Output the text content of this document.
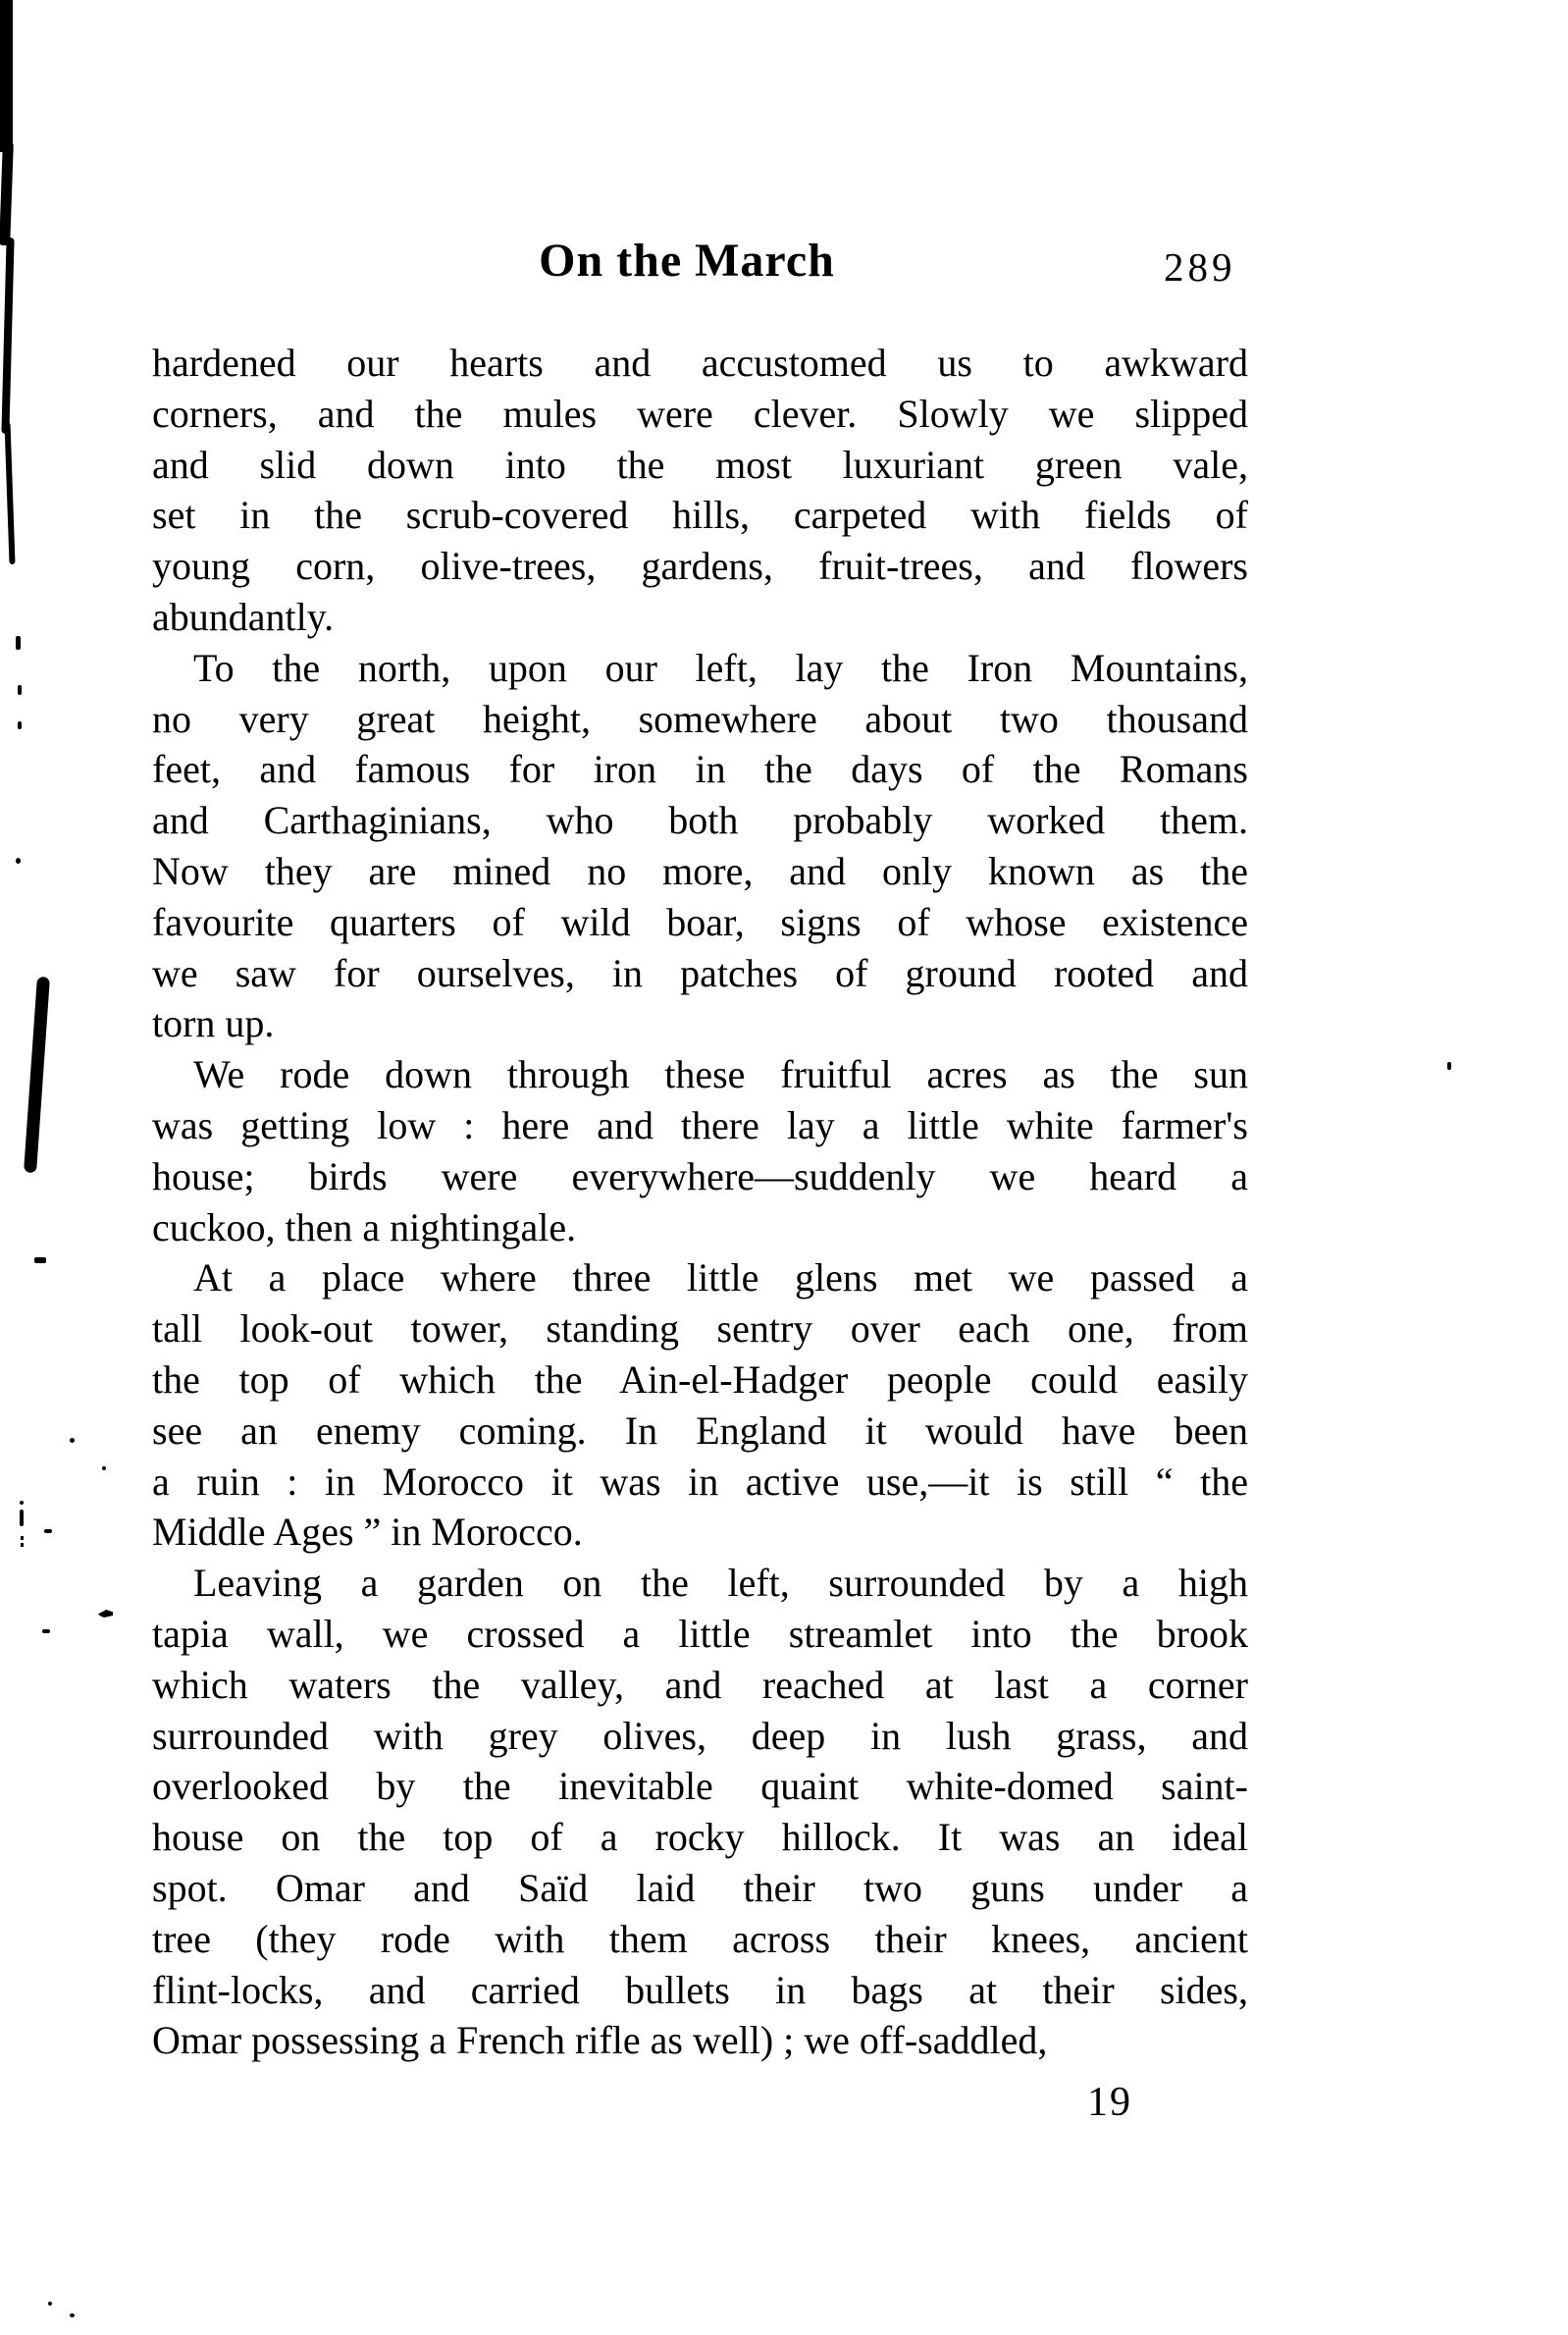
On the March	289
hardened our hearts and accustomed us to awkward
corners, and the mules were clever. Slowly we slipped
and slid down into the most luxuriant green vale,
set in the scrub-covered hills, carpeted with fields of
young corn, olive-trees, gardens, fruit-trees, and flowers
abundantly.
To the north, upon our left, lay the Iron Mountains,
no very great height, somewhere about two thousand
feet, and famous for iron in the days of the Romans
and Carthaginians, who both probably worked them.
Now they are mined no more, and only known as the
favourite quarters of wild boar, signs of whose existence
we saw for ourselves, in patches of ground rooted and
torn up.
We rode down through these fruitful acres as the sun
was getting low : here and there lay a little white farmer's
house; birds were everywhere—suddenly we heard a
cuckoo, then a nightingale.
At a place where three little glens met we passed a
tall look-out tower, standing sentry over each one, from
the top of which the Ain-el-Hadger people could easily
see an enemy coming. In England it would have been
a ruin : in Morocco it was in active use,—it is still “ the
Middle Ages ” in Morocco.
Leaving a garden on the left, surrounded by a high
tapia wall, we crossed a little streamlet into the brook
which waters the valley, and reached at last a corner
surrounded with grey olives, deep in lush grass, and
overlooked by the inevitable quaint white-domed saint-
house on the top of a rocky hillock. It was an ideal
spot. Omar and Saïd laid their two guns under a
tree (they rode with them across their knees, ancient
flint-locks, and carried bullets in bags at their sides,
Omar possessing a French rifle as well) ; we off-saddled,
19
